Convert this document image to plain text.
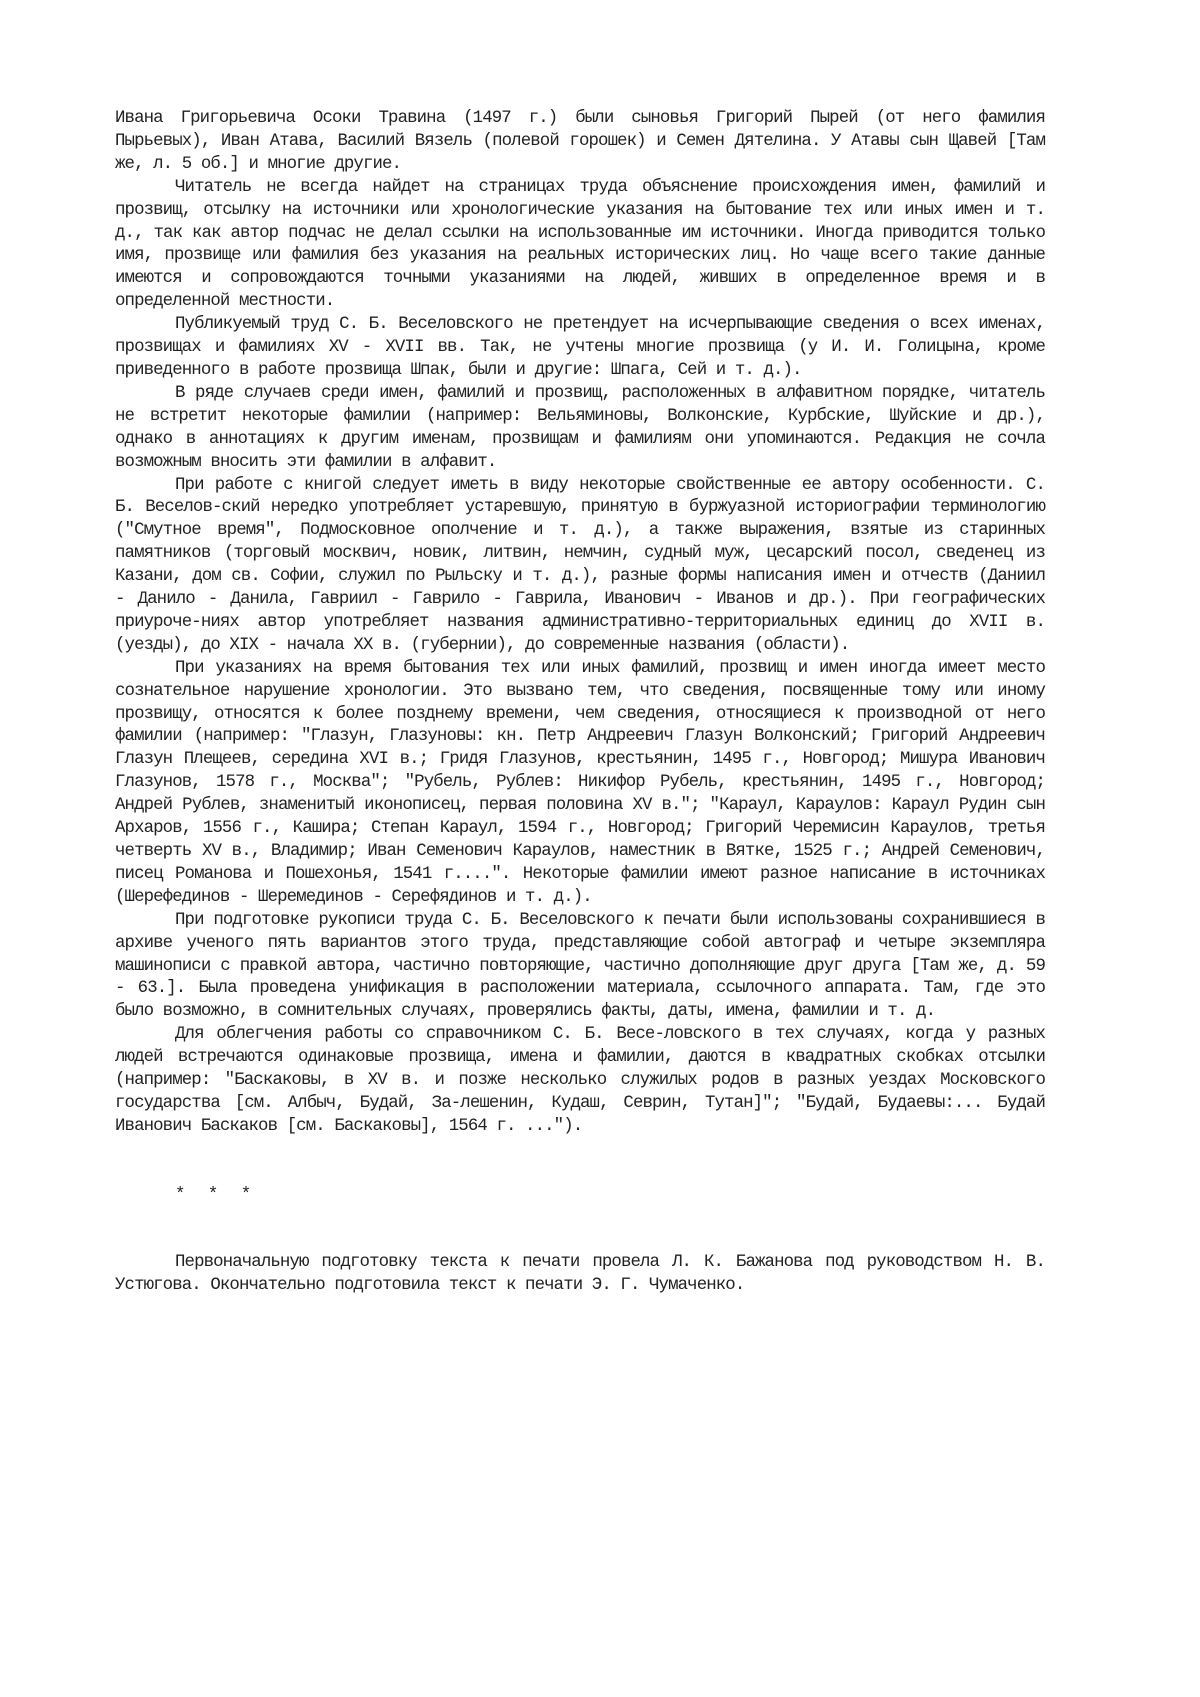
Ивана Григорьевича Осоки Травина (1497 г.) были сыновья Григорий Пырей (от него фамилия Пырьевых), Иван Атава, Василий Вязель (полевой горошек) и Семен Дятелина. У Атавы сын Щавей [Там же, л. 5 об.] и многие другие.

Читатель не всегда найдет на страницах труда объяснение происхождения имен, фамилий и прозвищ, отсылку на источники или хронологические указания на бытование тех или иных имен и т. д., так как автор подчас не делал ссылки на использованные им источники. Иногда приводится только имя, прозвище или фамилия без указания на реальных исторических лиц. Но чаще всего такие данные имеются и сопровождаются точными указаниями на людей, живших в определенное время и в определенной местности.

Публикуемый труд С. Б. Веселовского не претендует на исчерпывающие сведения о всех именах, прозвищах и фамилиях XV - XVII вв. Так, не учтены многие прозвища (у И. И. Голицына, кроме приведенного в работе прозвища Шпак, были и другие: Шпага, Сей и т. д.).

В ряде случаев среди имен, фамилий и прозвищ, расположенных в алфавитном порядке, читатель не встретит некоторые фамилии (например: Вельяминовы, Волконские, Курбские, Шуйские и др.), однако в аннотациях к другим именам, прозвищам и фамилиям они упоминаются. Редакция не сочла возможным вносить эти фамилии в алфавит.

При работе с книгой следует иметь в виду некоторые свойственные ее автору особенности. С. Б. Веселов-ский нередко употребляет устаревшую, принятую в буржуазной историографии терминологию ("Смутное время", Подмосковное ополчение и т. д.), а также выражения, взятые из старинных памятников (торговый москвич, новик, литвин, немчин, судный муж, цесарский посол, сведенец из Казани, дом св. Софии, служил по Рыльску и т. д.), разные формы написания имен и отчеств (Даниил - Данило - Данила, Гавриил - Гаврило - Гаврила, Иванович - Иванов и др.). При географических приуроче-ниях автор употребляет названия административно-территориальных единиц до XVII в. (уезды), до XIX - начала XX в. (губернии), до современные названия (области).

При указаниях на время бытования тех или иных фамилий, прозвищ и имен иногда имеет место сознательное нарушение хронологии. Это вызвано тем, что сведения, посвященные тому или иному прозвищу, относятся к более позднему времени, чем сведения, относящиеся к производной от него фамилии (например: "Глазун, Глазуновы: кн. Петр Андреевич Глазун Волконский; Григорий Андреевич Глазун Плещеев, середина XVI в.; Гридя Глазунов, крестьянин, 1495 г., Новгород; Мишура Иванович Глазунов, 1578 г., Москва"; "Рубель, Рублев: Никифор Рубель, крестьянин, 1495 г., Новгород; Андрей Рублев, знаменитый иконописец, первая половина XV в."; "Караул, Караулов: Караул Рудин сын Архаров, 1556 г., Кашира; Степан Караул, 1594 г., Новгород; Григорий Черемисин Караулов, третья четверть XV в., Владимир; Иван Семенович Караулов, наместник в Вятке, 1525 г.; Андрей Семенович, писец Романова и Пошехонья, 1541 г....". Некоторые фамилии имеют разное написание в источниках (Шерефединов - Шеремединов - Серефядинов и т. д.).

При подготовке рукописи труда С. Б. Веселовского к печати были использованы сохранившиеся в архиве ученого пять вариантов этого труда, представляющие собой автограф и четыре экземпляра машинописи с правкой автора, частично повторяющие, частично дополняющие друг друга [Там же, д. 59 - 63.]. Была проведена унификация в расположении материала, ссылочного аппарата. Там, где это было возможно, в сомнительных случаях, проверялись факты, даты, имена, фамилии и т. д.

Для облегчения работы со справочником С. Б. Весе-ловского в тех случаях, когда у разных людей встречаются одинаковые прозвища, имена и фамилии, даются в квадратных скобках отсылки (например: "Баскаковы, в XV в. и позже несколько служилых родов в разных уездах Московского государства [см. Албыч, Будай, За-лешенин, Кудаш, Севрин, Тутан]"; "Будай, Будаевы:... Будай Иванович Баскаков [см. Баскаковы], 1564 г. ...").

* * *

Первоначальную подготовку текста к печати провела Л. К. Бажанова под руководством Н. В. Устюгова. Окончательно подготовила текст к печати Э. Г. Чумаченко.
